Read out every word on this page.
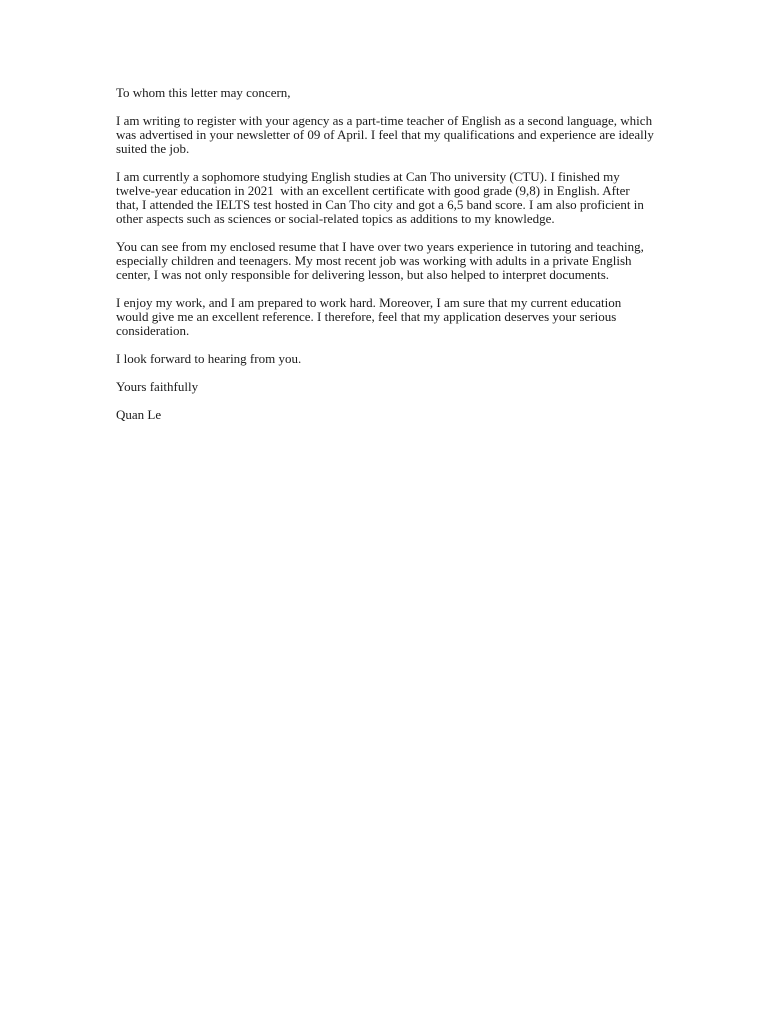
To whom this letter may concern,

I am writing to register with your agency as a part-time teacher of English as a second language, which
was advertised in your newsletter of 09 of April. I feel that my qualifications and experience are ideally
suited the job.

I am currently a sophomore studying English studies at Can Tho university (CTU). I finished my
twelve-year education in 2021  with an excellent certificate with good grade (9,8) in English. After
that, I attended the IELTS test hosted in Can Tho city and got a 6,5 band score. I am also proficient in
other aspects such as sciences or social-related topics as additions to my knowledge.

You can see from my enclosed resume that I have over two years experience in tutoring and teaching,
especially children and teenagers. My most recent job was working with adults in a private English
center, I was not only responsible for delivering lesson, but also helped to interpret documents.

I enjoy my work, and I am prepared to work hard. Moreover, I am sure that my current education
would give me an excellent reference. I therefore, feel that my application deserves your serious
consideration.

I look forward to hearing from you.

Yours faithfully

Quan Le
